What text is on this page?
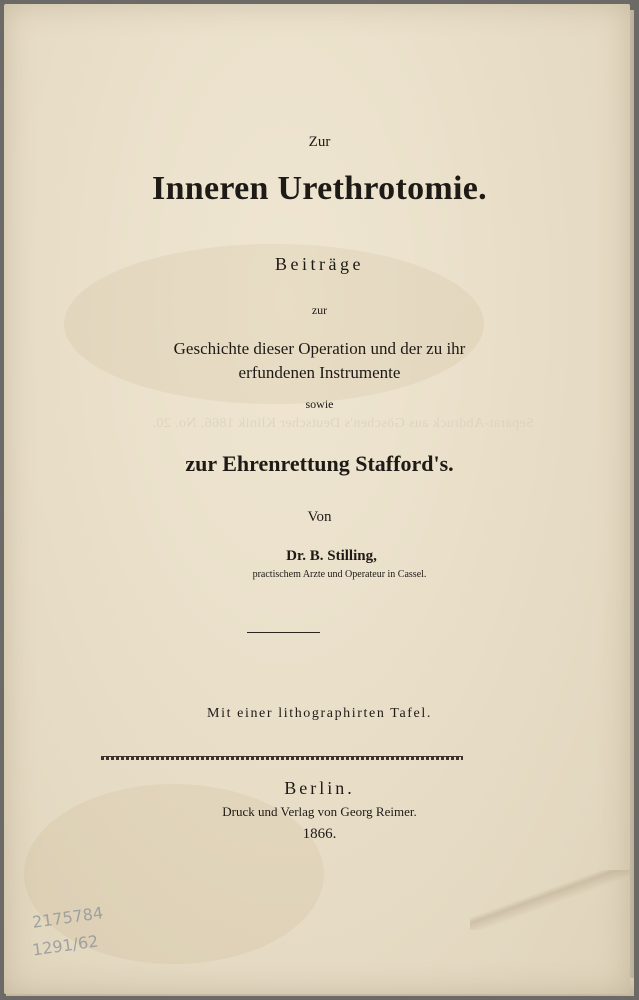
Separat-Abdruck aus Göschen's Deutscher Klinik 1866. No. 20.
Zur
Inneren Urethrotomie.
Beiträge
zur
Geschichte dieser Operation und der zu ihr
erfundenen Instrumente
sowie
zur Ehrenrettung Stafford's.
Von
Dr. B. Stilling,
practischem Arzte und Operateur in Cassel.
Mit einer lithographirten Tafel.
Berlin.
Druck und Verlag von Georg Reimer.
1866.
2175784
1291/62
